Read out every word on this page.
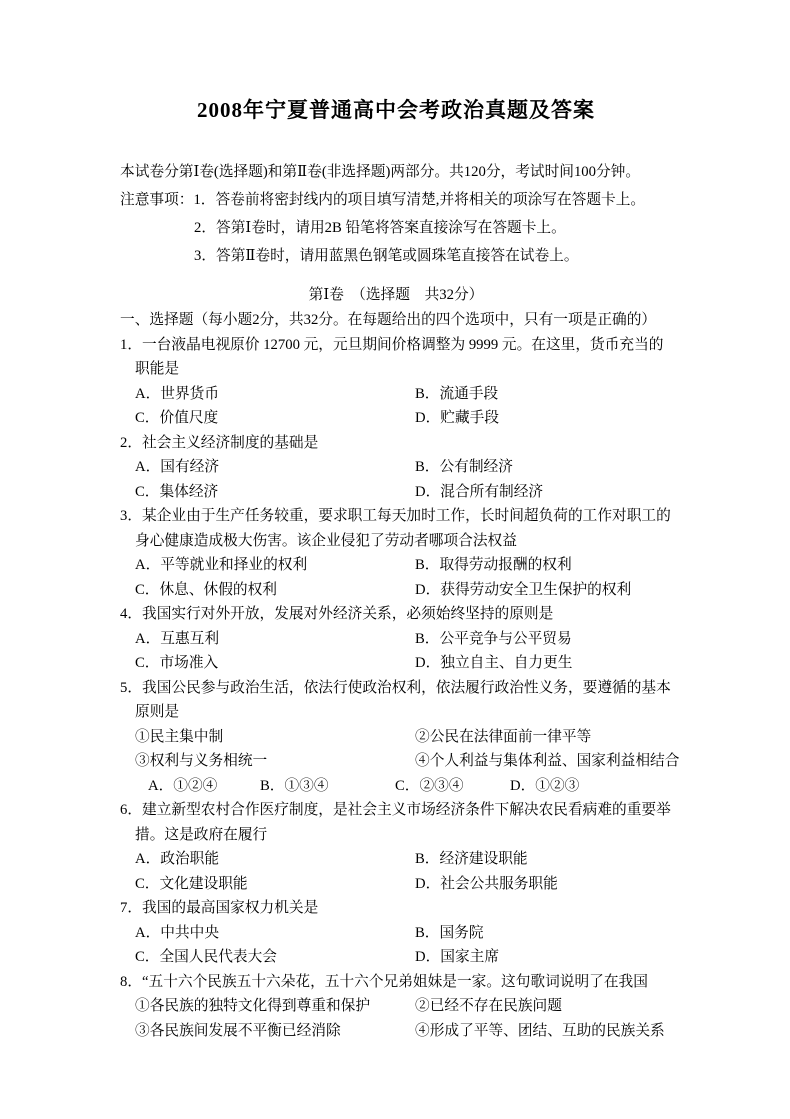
2008年宁夏普通高中会考政治真题及答案

本试卷分第Ⅰ卷(选择题)和第Ⅱ卷(非选择题)两部分。共120分，考试时间100分钟。

注意事项：1．答卷前将密封线内的项目填写清楚,并将相关的项涂写在答题卡上。

2．答第Ⅰ卷时，请用2B 铅笔将答案直接涂写在答题卡上。

3．答第Ⅱ卷时，请用蓝黑色钢笔或圆珠笔直接答在试卷上。

第Ⅰ卷　（选择题　共32分）

一、选择题（每小题2分，共32分。在每题给出的四个选项中，只有一项是正确的）

1．一台液晶电视原价 12700 元，元旦期间价格调整为 9999 元。在这里，货币充当的职能是
A．世界货币	B．流通手段
C．价值尺度	D．贮藏手段
2．社会主义经济制度的基础是
A．国有经济	B．公有制经济
C．集体经济	D．混合所有制经济
3．某企业由于生产任务较重，要求职工每天加时工作，长时间超负荷的工作对职工的身心健康造成极大伤害。该企业侵犯了劳动者哪项合法权益
A．平等就业和择业的权利	B．取得劳动报酬的权利
C．休息、休假的权利	D．获得劳动安全卫生保护的权利
4．我国实行对外开放，发展对外经济关系，必须始终坚持的原则是
A．互惠互利	B．公平竞争与公平贸易
C．市场准入	D．独立自主、自力更生
5．我国公民参与政治生活，依法行使政治权利，依法履行政治性义务，要遵循的基本原则是
①民主集中制	②公民在法律面前一律平等
③权利与义务相统一	④个人利益与集体利益、国家利益相结合
A．①②④	B．①③④	C．②③④	D．①②③
6．建立新型农村合作医疗制度，是社会主义市场经济条件下解决农民看病难的重要举措。这是政府在履行
A．政治职能	B．经济建设职能
C．文化建设职能	D．社会公共服务职能
7．我国的最高国家权力机关是
A．中共中央	B．国务院
C．全国人民代表大会	D．国家主席
8．“五十六个民族五十六朵花，五十六个兄弟姐妹是一家。这句歌词说明了在我国
①各民族的独特文化得到尊重和保护	②已经不存在民族问题
③各民族间发展不平衡已经消除	④形成了平等、团结、互助的民族关系
